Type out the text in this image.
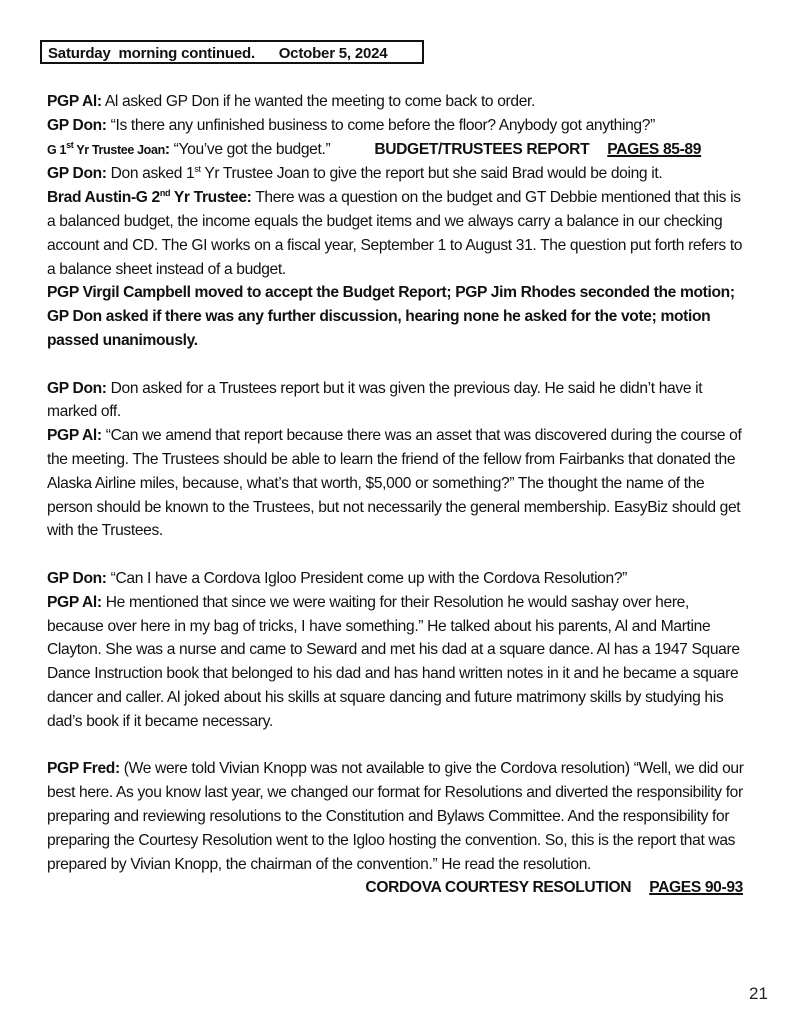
Saturday  morning continued.      October 5, 2024

PGP Al: Al asked GP Don if he wanted the meeting to come back to order.

GP Don: “Is there any unfinished business to come before the floor? Anybody got anything?”

G 1st Yr Trustee Joan: “You’ve got the budget.”	BUDGET/TRUSTEES REPORT PAGES 85-89

GP Don: Don asked 1st Yr Trustee Joan to give the report but she said Brad would be doing it.

Brad Austin-G 2nd Yr Trustee: There was a question on the budget and GT Debbie mentioned that this is a balanced budget, the income equals the budget items and we always carry a balance in our checking account and CD. The GI works on a fiscal year, September 1 to August 31. The question put forth refers to a balance sheet instead of a budget.

PGP Virgil Campbell moved to accept the Budget Report; PGP Jim Rhodes seconded the motion; GP Don asked if there was any further discussion, hearing none he asked for the vote; motion passed unanimously.

GP Don: Don asked for a Trustees report but it was given the previous day. He said he didn’t have it marked off.

PGP Al: “Can we amend that report because there was an asset that was discovered during the course of the meeting. The Trustees should be able to learn the friend of the fellow from Fairbanks that donated the Alaska Airline miles, because, what’s that worth, $5,000 or something?” The thought the name of the person should be known to the Trustees, but not necessarily the general membership. EasyBiz should get with the Trustees.

GP Don: “Can I have a Cordova Igloo President come up with the Cordova Resolution?”

PGP Al: He mentioned that since we were waiting for their Resolution he would sashay over here, because over here in my bag of tricks, I have something.” He talked about his parents, Al and Martine Clayton. She was a nurse and came to Seward and met his dad at a square dance. Al has a 1947 Square Dance Instruction book that belonged to his dad and has hand written notes in it and he became a square dancer and caller. Al joked about his skills at square dancing and future matrimony skills by studying his dad’s book if it became necessary.

PGP Fred: (We were told Vivian Knopp was not available to give the Cordova resolution) “Well, we did our best here. As you know last year, we changed our format for Resolutions and diverted the responsibility for preparing and reviewing resolutions to the Constitution and Bylaws Committee. And the responsibility for preparing the Courtesy Resolution went to the Igloo hosting the convention. So, this is the report that was prepared by Vivian Knopp, the chairman of the convention.” He read the resolution.

CORDOVA COURTESY RESOLUTION PAGES 90-93

21
